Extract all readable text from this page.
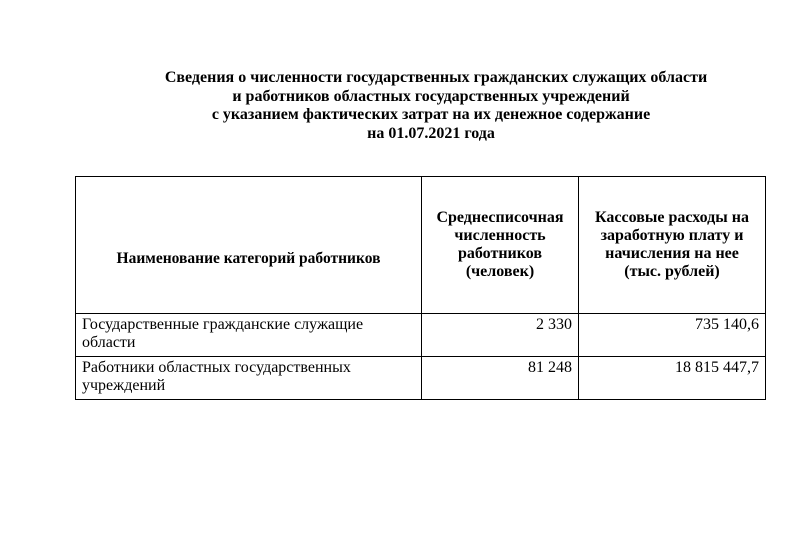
Сведения о численности государственных гражданских служащих области
и работников областных государственных учреждений
с указанием фактических затрат на их денежное содержание
на 01.07.2021 года
Наименование категорий работников	Среднесписочная численность работников (человек)	Кассовые расходы на заработную плату и начисления на нее (тыс. рублей)
Государственные гражданские служащие области	2 330	735 140,6
Работники областных государственных учреждений	81 248	18 815 447,7
